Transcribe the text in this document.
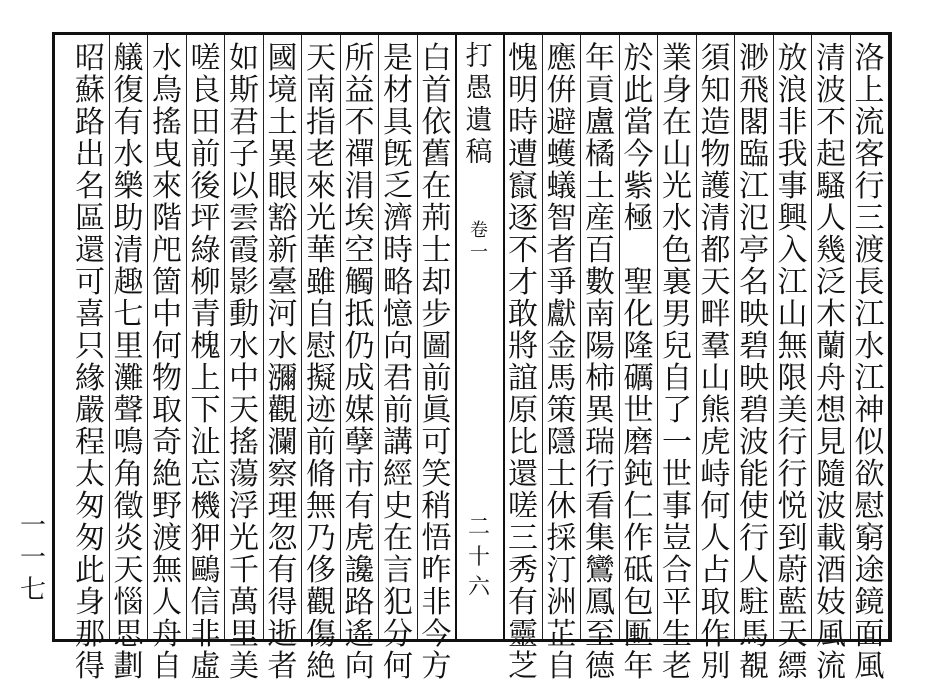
一
一
七
洛
上
流
客
行
三
渡
長
江
水
江
神
似
欲
慰
窮
途
鏡
面
風
清
波
不
起
騷
人
幾
泛
木
蘭
舟
想
見
隨
波
載
酒
妓
風
流
放
浪
非
我
事
興
入
江
山
無
限
美
行
行
悦
到
蔚
藍
天
縹
渺
飛
閣
臨
江
氾
亭
名
映
碧
映
碧
波
能
使
行
人
駐
馬
覩
須
知
造
物
護
清
都
天
畔
羣
山
熊
虎
峙
何
人
占
取
作
別
業
身
在
山
光
水
色
裏
男
兒
自
了
一
世
事
豈
合
平
生
老
於
此
當
今
紫
極

聖
化
隆
礪
世
磨
鈍
仁
作
砥
包
匭
年
年
貢
盧
橘
土
産
百
數
南
陽
柿
異
瑞
行
看
集
鸞
鳳
至
德
應
倂
避
蠖
蟻
智
者
爭
獻
金
馬
策
隱
士
休
採
汀
洲
芷
自
愧
明
時
遭
竄
逐
不
才
敢
將
誼
原
比
還
嗟
三
秀
有
靈
芝
白
首
依
舊
在
荊
士
却
步
圖
前
眞
可
笑
稍
悟
昨
非
今
方
是
材
具
旣
乏
濟
時
略
憶
向
君
前
講
經
史
在
言
犯
分
何
所
益
不
禪
涓
埃
空
觸
抵
仍
成
媒
孽
市
有
虎
讒
路
遙
向
天
南
指
老
來
光
華
雖
自
慰
擬
迹
前
脩
無
乃
侈
觀
傷
絶
國
境
土
異
眼
豁
新
臺
河
水
瀰
觀
瀾
察
理
忽
有
得
逝
者
如
斯
君
子
以
雲
霞
影
動
水
中
天
搖
蕩
浮
光
千
萬
里
美
嗟
良
田
前
後
坪
綠
柳
青
槐
上
下
沚
忘
機
狎
鷗
信
非
虛
水
鳥
搖
曳
來
階
戺
箇
中
何
物
取
奇
絶
野
渡
無
人
舟
自
艤
復
有
水
樂
助
清
趣
七
里
灘
聲
鳴
角
徵
炎
天
惱
思
劃
昭
蘇
路
出
名
區
還
可
喜
只
緣
嚴
程
太
匆
匆
此
身
那
得
打
愚
遺
稿
卷
一
二
十
六
